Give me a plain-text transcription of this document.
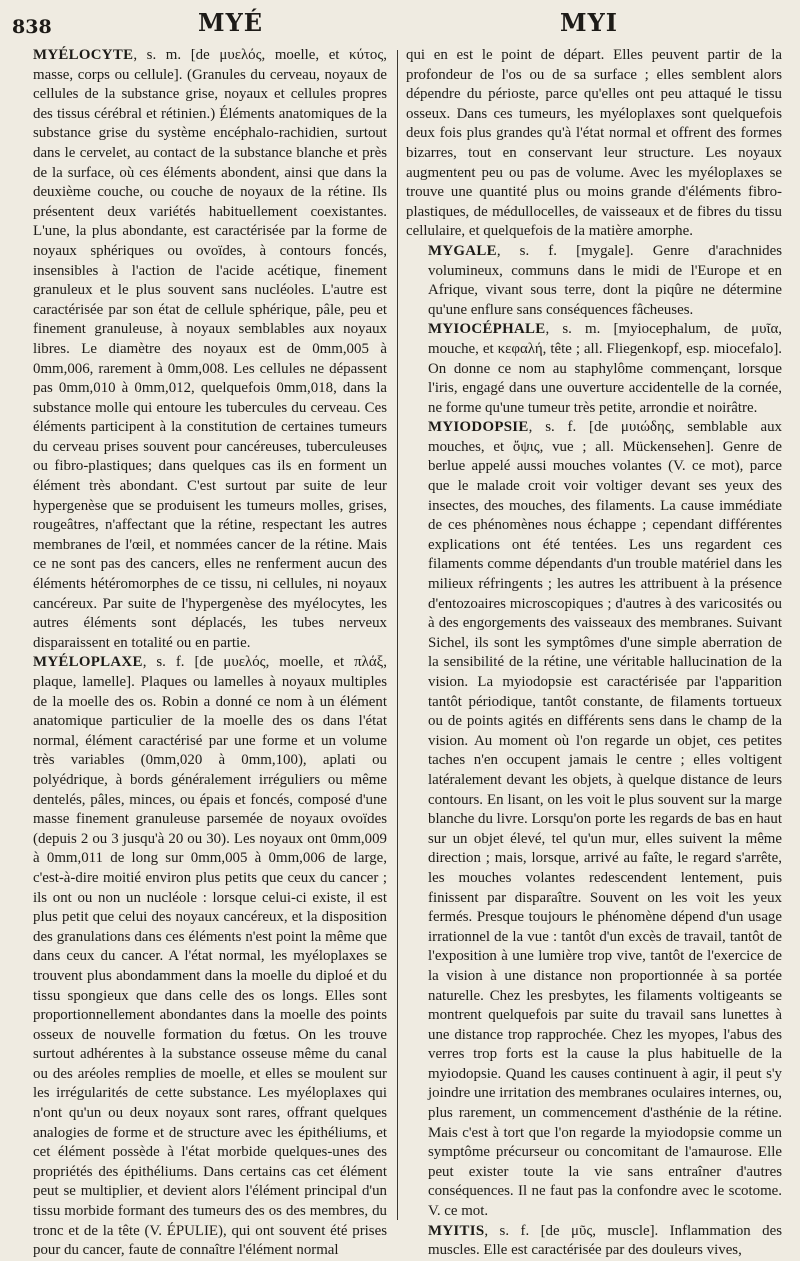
838	MYÉ	MYI

MYÉLOCYTE, s. m. [de μυελός, moelle, et κύτος, masse, corps ou cellule]. (Granules du cerveau, noyaux de cellules de la substance grise, noyaux et cellules propres des tissus cérébral et rétinien.) Éléments anatomiques de la substance grise du système encéphalo-rachidien, surtout dans le cervelet, au contact de la substance blanche et près de la surface, où ces éléments abondent, ainsi que dans la deuxième couche, ou couche de noyaux de la rétine. Ils présentent deux variétés habituellement coexistantes. L'une, la plus abondante, est caractérisée par la forme de noyaux sphériques ou ovoïdes, à contours foncés, insensibles à l'action de l'acide acétique, finement granuleux et le plus souvent sans nucléoles. L'autre est caractérisée par son état de cellule sphérique, pâle, peu et finement granuleuse, à noyaux semblables aux noyaux libres. Le diamètre des noyaux est de 0mm,005 à 0mm,006, rarement à 0mm,008. Les cellules ne dépassent pas 0mm,010 à 0mm,012, quelquefois 0mm,018, dans la substance molle qui entoure les tubercules du cerveau. Ces éléments participent à la constitution de certaines tumeurs du cerveau prises souvent pour cancéreuses, tuberculeuses ou fibro-plastiques; dans quelques cas ils en forment un élément très abondant. C'est surtout par suite de leur hypergenèse que se produisent les tumeurs molles, grises, rougeâtres, n'affectant que la rétine, respectant les autres membranes de l'œil, et nommées cancer de la rétine. Mais ce ne sont pas des cancers, elles ne renferment aucun des éléments hétéromorphes de ce tissu, ni cellules, ni noyaux cancéreux. Par suite de l'hypergenèse des myélocytes, les autres éléments sont déplacés, les tubes nerveux disparaissent en totalité ou en partie.

MYÉLOPLAXE, s. f. [de μυελός, moelle, et πλάξ, plaque, lamelle]. Plaques ou lamelles à noyaux multiples de la moelle des os. Robin a donné ce nom à un élément anatomique particulier de la moelle des os dans l'état normal, élément caractérisé par une forme et un volume très variables (0mm,020 à 0mm,100), aplati ou polyédrique, à bords généralement irréguliers ou même dentelés, pâles, minces, ou épais et foncés, composé d'une masse finement granuleuse parsemée de noyaux ovoïdes (depuis 2 ou 3 jusqu'à 20 ou 30). Les noyaux ont 0mm,009 à 0mm,011 de long sur 0mm,005 à 0mm,006 de large, c'est-à-dire moitié environ plus petits que ceux du cancer ; ils ont ou non un nucléole : lorsque celui-ci existe, il est plus petit que celui des noyaux cancéreux, et la disposition des granulations dans ces éléments n'est point la même que dans ceux du cancer. A l'état normal, les myéloplaxes se trouvent plus abondamment dans la moelle du diploé et du tissu spongieux que dans celle des os longs. Elles sont proportionnellement abondantes dans la moelle des points osseux de nouvelle formation du fœtus. On les trouve surtout adhérentes à la substance osseuse même du canal ou des aréoles remplies de moelle, et elles se moulent sur les irrégularités de cette substance. Les myéloplaxes qui n'ont qu'un ou deux noyaux sont rares, offrant quelques analogies de forme et de structure avec les épithéliums, et cet élément possède à l'état morbide quelques-unes des propriétés des épithéliums. Dans certains cas cet élément peut se multiplier, et devient alors l'élément principal d'un tissu morbide formant des tumeurs des os des membres, du tronc et de la tête (V. ÉPULIE), qui ont souvent été prises pour du cancer, faute de connaître l'élément normal

qui en est le point de départ. Elles peuvent partir de la profondeur de l'os ou de sa surface ; elles semblent alors dépendre du périoste, parce qu'elles ont peu attaqué le tissu osseux. Dans ces tumeurs, les myéloplaxes sont quelquefois deux fois plus grandes qu'à l'état normal et offrent des formes bizarres, tout en conservant leur structure. Les noyaux augmentent peu ou pas de volume. Avec les myéloplaxes se trouve une quantité plus ou moins grande d'éléments fibro-plastiques, de médullocelles, de vaisseaux et de fibres du tissu cellulaire, et quelquefois de la matière amorphe.

MYGALE, s. f. [mygale]. Genre d'arachnides volumineux, communs dans le midi de l'Europe et en Afrique, vivant sous terre, dont la piqûre ne détermine qu'une enflure sans conséquences fâcheuses.

MYIOCÉPHALE, s. m. [myiocephalum, de μυῖα, mouche, et κεφαλή, tête ; all. Fliegenkopf, esp. miocefalo]. On donne ce nom au staphylôme commençant, lorsque l'iris, engagé dans une ouverture accidentelle de la cornée, ne forme qu'une tumeur très petite, arrondie et noirâtre.

MYIODOPSIE, s. f. [de μυιώδης, semblable aux mouches, et ὄψις, vue ; all. Mückensehen]. Genre de berlue appelé aussi mouches volantes (V. ce mot), parce que le malade croit voir voltiger devant ses yeux des insectes, des mouches, des filaments. La cause immédiate de ces phénomènes nous échappe ; cependant différentes explications ont été tentées. Les uns regardent ces filaments comme dépendants d'un trouble matériel dans les milieux réfringents ; les autres les attribuent à la présence d'entozoaires microscopiques ; d'autres à des varicosités ou à des engorgements des vaisseaux des membranes. Suivant Sichel, ils sont les symptômes d'une simple aberration de la sensibilité de la rétine, une véritable hallucination de la vision. La myiodopsie est caractérisée par l'apparition tantôt périodique, tantôt constante, de filaments tortueux ou de points agités en différents sens dans le champ de la vision. Au moment où l'on regarde un objet, ces petites taches n'en occupent jamais le centre ; elles voltigent latéralement devant les objets, à quelque distance de leurs contours. En lisant, on les voit le plus souvent sur la marge blanche du livre. Lorsqu'on porte les regards de bas en haut sur un objet élevé, tel qu'un mur, elles suivent la même direction ; mais, lorsque, arrivé au faîte, le regard s'arrête, les mouches volantes redescendent lentement, puis finissent par disparaître. Souvent on les voit les yeux fermés. Presque toujours le phénomène dépend d'un usage irrationnel de la vue : tantôt d'un excès de travail, tantôt de l'exposition à une lumière trop vive, tantôt de l'exercice de la vision à une distance non proportionnée à sa portée naturelle. Chez les presbytes, les filaments voltigeants se montrent quelquefois par suite du travail sans lunettes à une distance trop rapprochée. Chez les myopes, l'abus des verres trop forts est la cause la plus habituelle de la myiodopsie. Quand les causes continuent à agir, il peut s'y joindre une irritation des membranes oculaires internes, ou, plus rarement, un commencement d'asthénie de la rétine. Mais c'est à tort que l'on regarde la myiodopsie comme un symptôme précurseur ou concomitant de l'amaurose. Elle peut exister toute la vie sans entraîner d'autres conséquences. Il ne faut pas la confondre avec le scotome. V. ce mot.

MYITIS, s. f. [de μῦς, muscle]. Inflammation des muscles. Elle est caractérisée par des douleurs vives,
